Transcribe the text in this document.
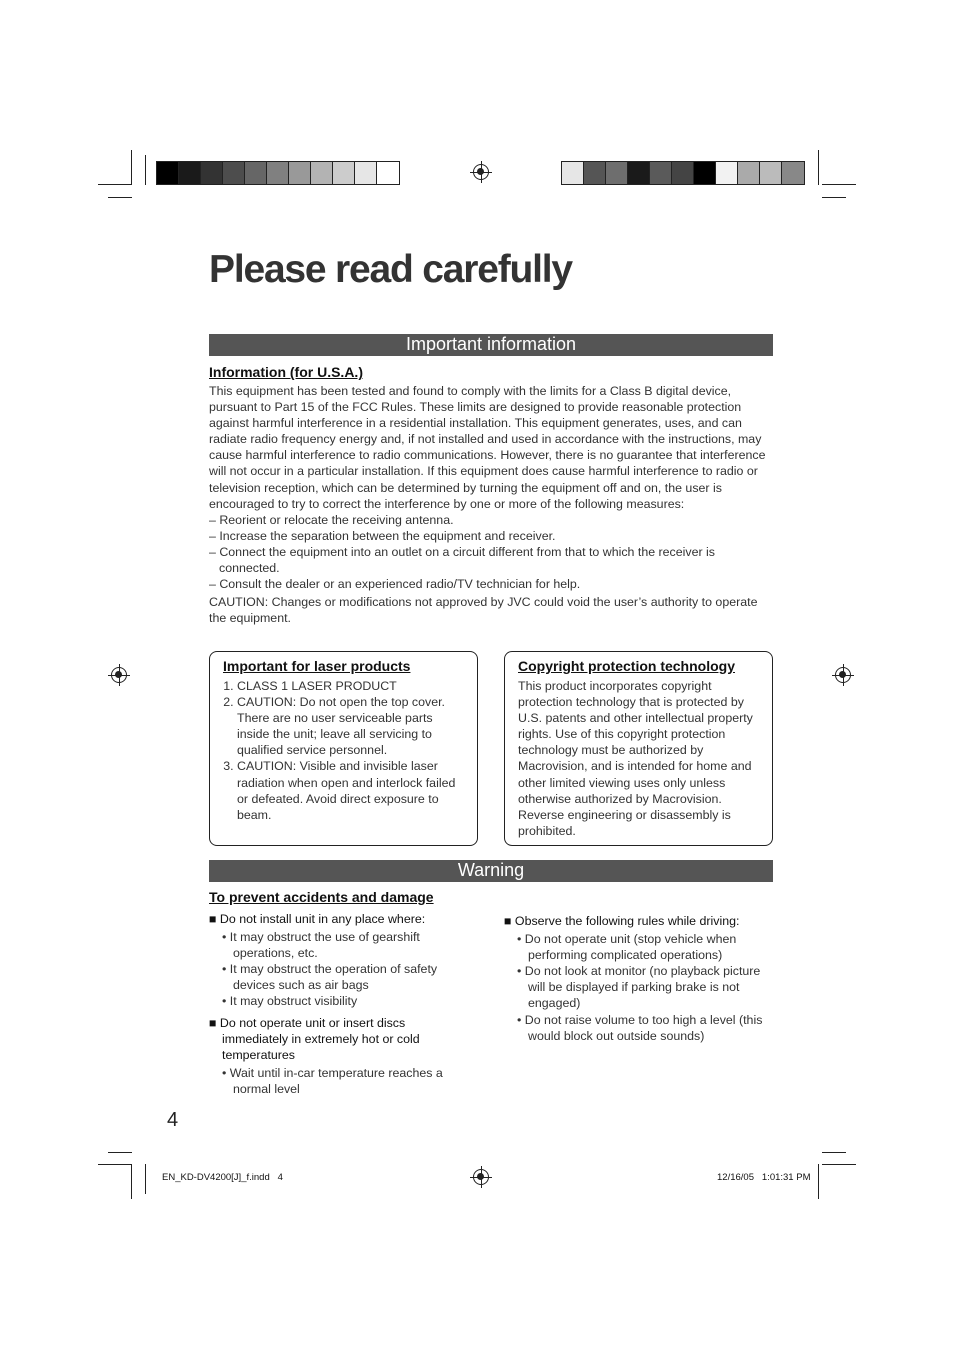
Please read carefully
Important information
Information (for U.S.A.)
This equipment has been tested and found to comply with the limits for a Class B digital device, pursuant to Part 15 of the FCC Rules. These limits are designed to provide reasonable protection against harmful interference in a residential installation. This equipment generates, uses, and can radiate radio frequency energy and, if not installed and used in accordance with the instructions, may cause harmful interference to radio communications. However, there is no guarantee that interference will not occur in a particular installation. If this equipment does cause harmful interference to radio or television reception, which can be determined by turning the equipment off and on, the user is encouraged to try to correct the interference by one or more of the following measures:
– Reorient or relocate the receiving antenna.
– Increase the separation between the equipment and receiver.
– Connect the equipment into an outlet on a circuit different from that to which the receiver is connected.
– Consult the dealer or an experienced radio/TV technician for help.
CAUTION: Changes or modifications not approved by JVC could void the user’s authority to operate the equipment.
Important for laser products
1. CLASS 1 LASER PRODUCT
2. CAUTION: Do not open the top cover. There are no user serviceable parts inside the unit; leave all servicing to qualified service personnel.
3. CAUTION: Visible and invisible laser radiation when open and interlock failed or defeated. Avoid direct exposure to beam.
Copyright protection technology
This product incorporates copyright protection technology that is protected by U.S. patents and other intellectual property rights. Use of this copyright protection technology must be authorized by Macrovision, and is intended for home and other limited viewing uses only unless otherwise authorized by Macrovision. Reverse engineering or disassembly is prohibited.
Warning
To prevent accidents and damage
■ Do not install unit in any place where:
• It may obstruct the use of gearshift operations, etc.
• It may obstruct the operation of safety devices such as air bags
• It may obstruct visibility
■ Do not operate unit or insert discs immediately in extremely hot or cold temperatures
• Wait until in-car temperature reaches a normal level
■ Observe the following rules while driving:
• Do not operate unit (stop vehicle when performing complicated operations)
• Do not look at monitor (no playback picture will be displayed if parking brake is not engaged)
• Do not raise volume to too high a level (this would block out outside sounds)
4
EN_KD-DV4200[J]_f.indd   4	12/16/05   1:01:31 PM
